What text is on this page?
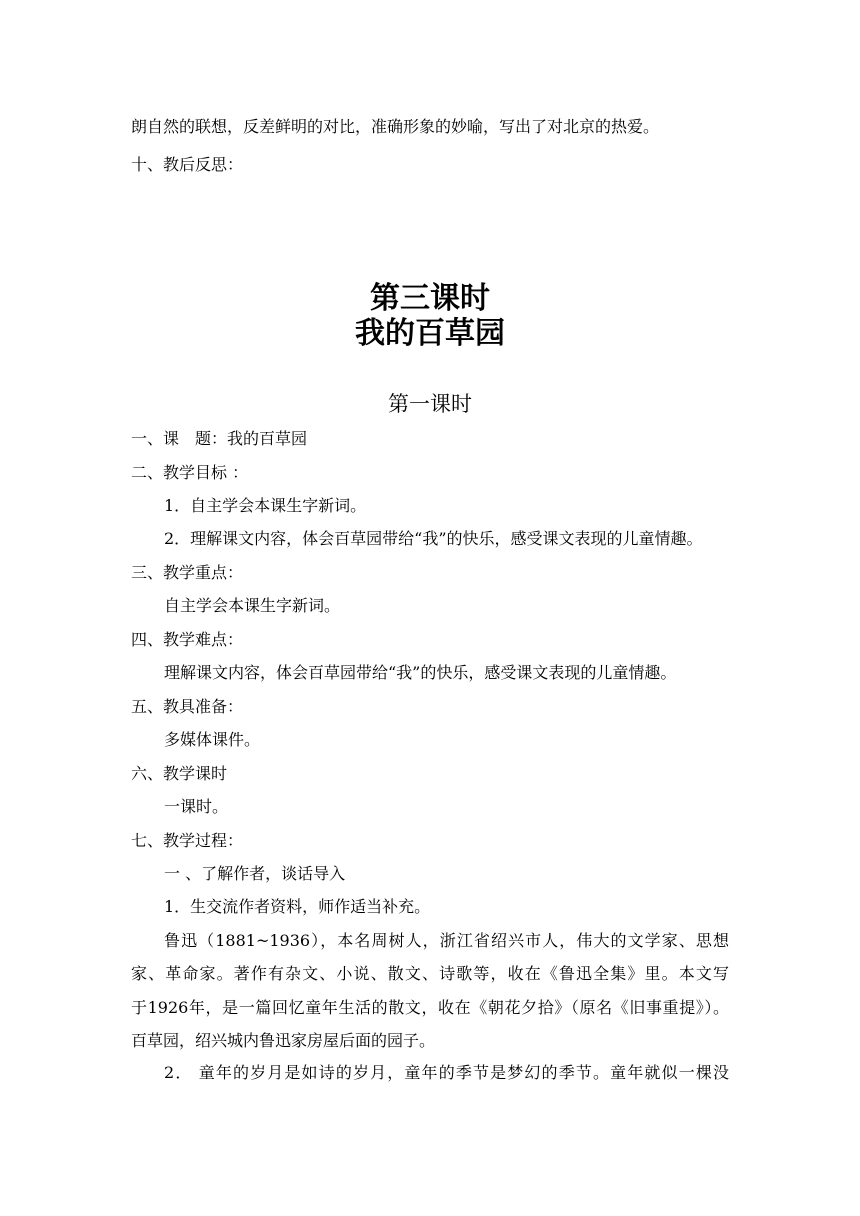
朗自然的联想，反差鲜明的对比，准确形象的妙喻，写出了对北京的热爱。
十、教后反思：
第三课时
我的百草园
第一课时
一、课　题：我的百草园
二、教学目标 ：
1．自主学会本课生字新词。
2．理解课文内容，体会百草园带给“我”的快乐，感受课文表现的儿童情趣。
三、教学重点：
自主学会本课生字新词。
四、教学难点：
理解课文内容，体会百草园带给“我”的快乐，感受课文表现的儿童情趣。
五、教具准备：
多媒体课件。
六、教学课时
一课时。
七、教学过程：
一 、了解作者，谈话导入
1．生交流作者资料，师作适当补充。
鲁迅（1881~1936），本名周树人，浙江省绍兴市人，伟大的文学家、思想
家、革命家。著作有杂文、小说、散文、诗歌等，收在《鲁迅全集》里。本文写
于1926年，是一篇回忆童年生活的散文，收在《朝花夕拾》（原名《旧事重提》）。
百草园，绍兴城内鲁迅家房屋后面的园子。
2． 童年的岁月是如诗的岁月，童年的季节是梦幻的季节。童年就似一棵没
